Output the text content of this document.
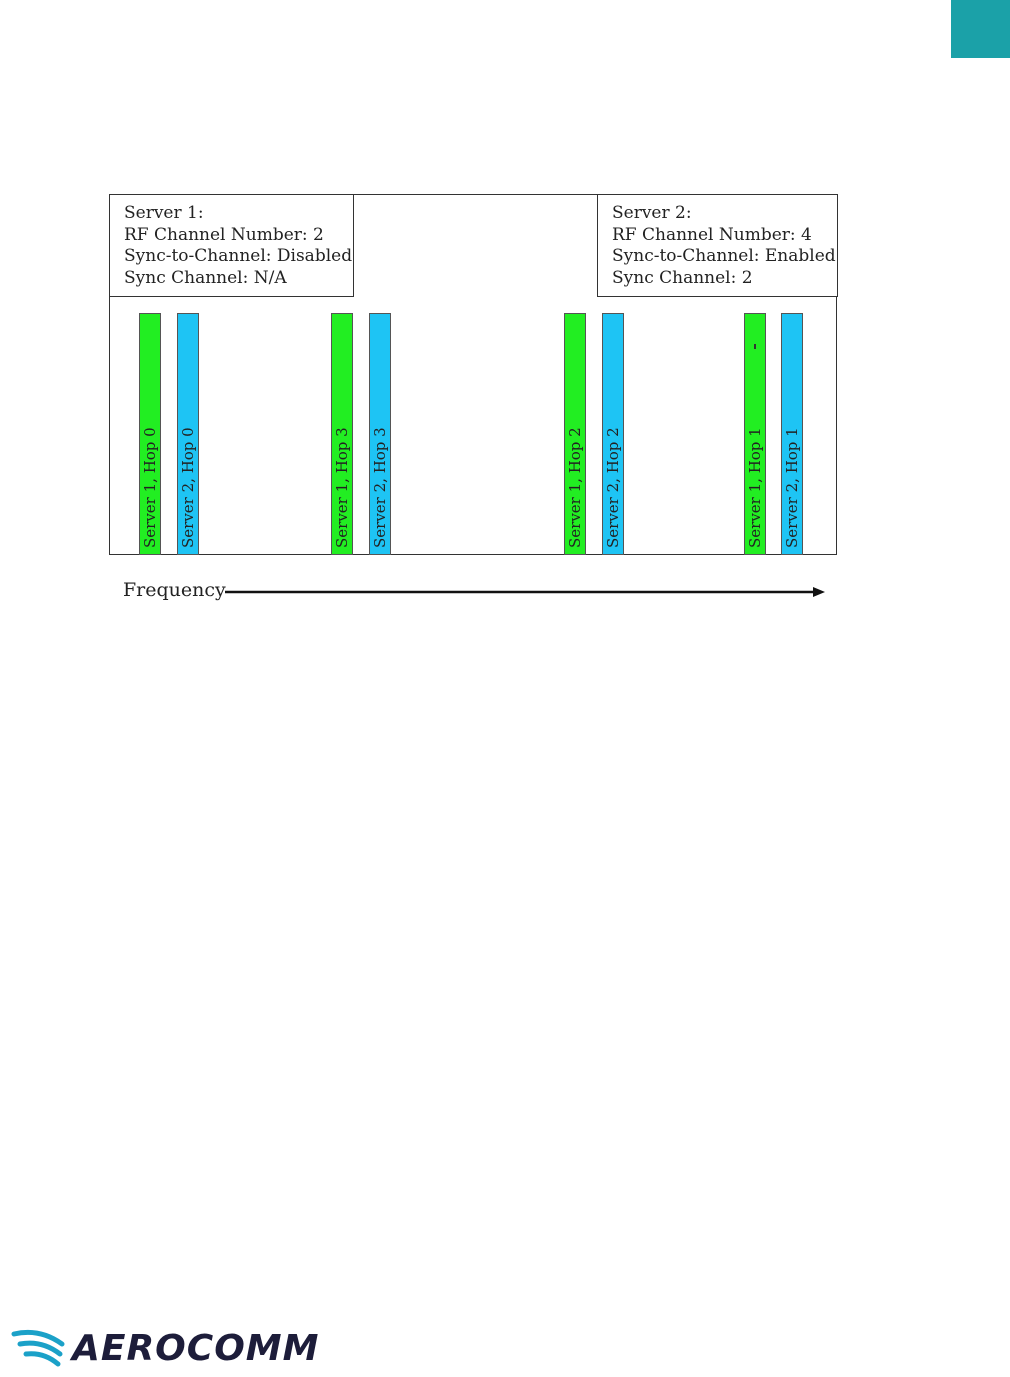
Server 1:
RF Channel Number: 2
Sync-to-Channel: Disabled
Sync Channel: N/A
Server 2:
RF Channel Number: 4
Sync-to-Channel: Enabled
Sync Channel: 2
Server 1, Hop 0 Server 2, Hop 0	Server 1, Hop 3 Server 2, Hop 3	Server 1, Hop 2 Server 2, Hop 2	Server 1, Hop 1 Server 2, Hop 1
Frequency
AEROCOMM
